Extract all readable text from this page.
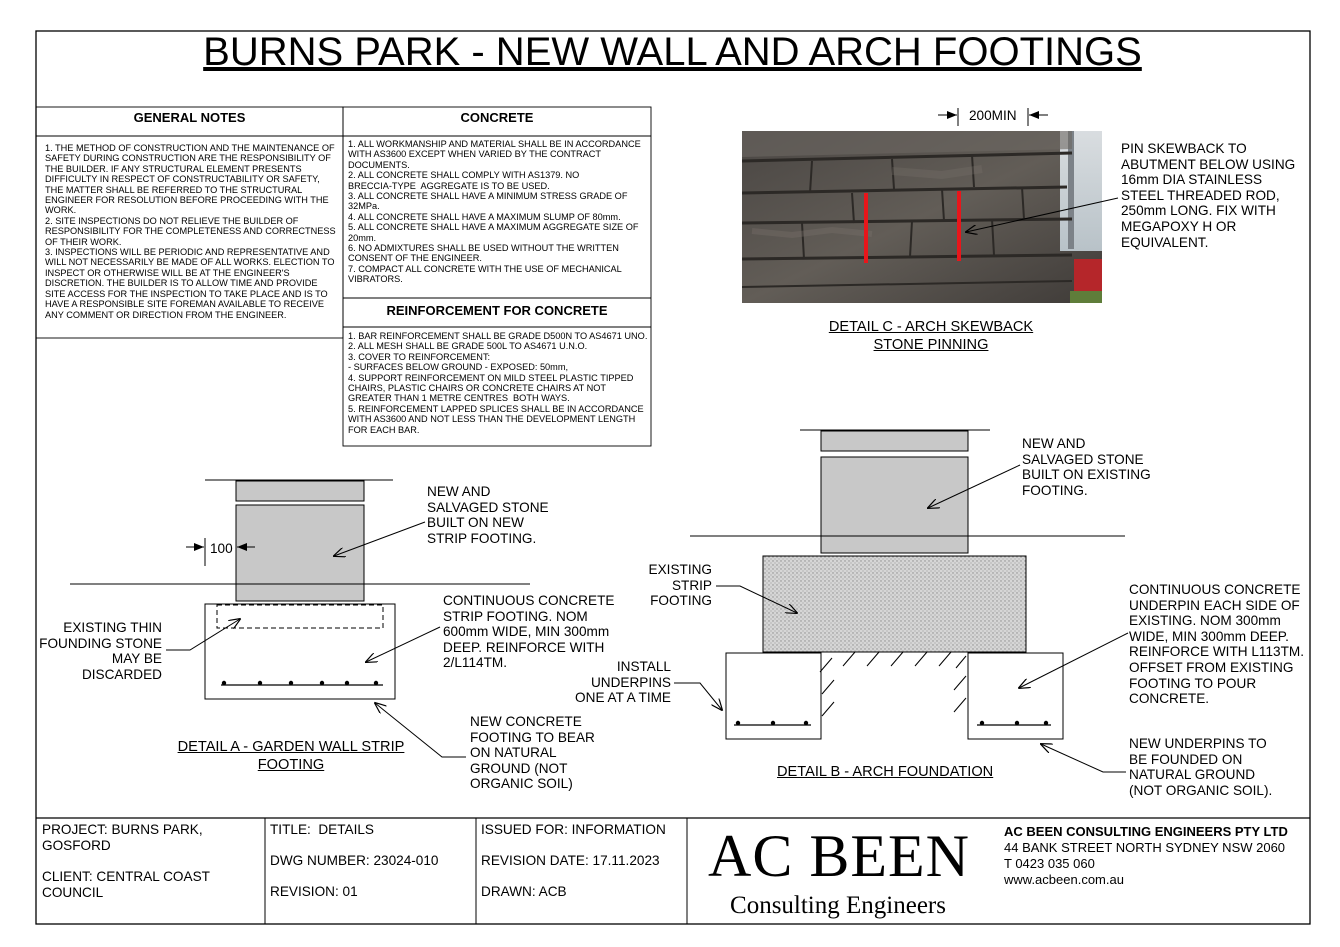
BURNS PARK - NEW WALL AND ARCH FOOTINGS
GENERAL NOTES
1. THE METHOD OF CONSTRUCTION AND THE MAINTENANCE OF
SAFETY DURING CONSTRUCTION ARE THE RESPONSIBILITY OF
THE BUILDER. IF ANY STRUCTURAL ELEMENT PRESENTS
DIFFICULTY IN RESPECT OF CONSTRUCTABILITY OR SAFETY,
THE MATTER SHALL BE REFERRED TO THE STRUCTURAL
ENGINEER FOR RESOLUTION BEFORE PROCEEDING WITH THE
WORK.
2. SITE INSPECTIONS DO NOT RELIEVE THE BUILDER OF
RESPONSIBILITY FOR THE COMPLETENESS AND CORRECTNESS
OF THEIR WORK.
3. INSPECTIONS WILL BE PERIODIC AND REPRESENTATIVE AND
WILL NOT NECESSARILY BE MADE OF ALL WORKS. ELECTION TO
INSPECT OR OTHERWISE WILL BE AT THE ENGINEER'S
DISCRETION. THE BUILDER IS TO ALLOW TIME AND PROVIDE
SITE ACCESS FOR THE INSPECTION TO TAKE PLACE AND IS TO
HAVE A RESPONSIBLE SITE FOREMAN AVAILABLE TO RECEIVE
ANY COMMENT OR DIRECTION FROM THE ENGINEER.
CONCRETE
1. ALL WORKMANSHIP AND MATERIAL SHALL BE IN ACCORDANCE
WITH AS3600 EXCEPT WHEN VARIED BY THE CONTRACT
DOCUMENTS.
2. ALL CONCRETE SHALL COMPLY WITH AS1379. NO
BRECCIA-TYPE  AGGREGATE IS TO BE USED.
3. ALL CONCRETE SHALL HAVE A MINIMUM STRESS GRADE OF
32MPa.
4. ALL CONCRETE SHALL HAVE A MAXIMUM SLUMP OF 80mm.
5. ALL CONCRETE SHALL HAVE A MAXIMUM AGGREGATE SIZE OF
20mm.
6. NO ADMIXTURES SHALL BE USED WITHOUT THE WRITTEN
CONSENT OF THE ENGINEER.
7. COMPACT ALL CONCRETE WITH THE USE OF MECHANICAL
VIBRATORS.
REINFORCEMENT FOR CONCRETE
1. BAR REINFORCEMENT SHALL BE GRADE D500N TO AS4671 UNO.
2. ALL MESH SHALL BE GRADE 500L TO AS4671 U.N.O.
3. COVER TO REINFORCEMENT:
- SURFACES BELOW GROUND - EXPOSED: 50mm,
4. SUPPORT REINFORCEMENT ON MILD STEEL PLASTIC TIPPED
CHAIRS, PLASTIC CHAIRS OR CONCRETE CHAIRS AT NOT
GREATER THAN 1 METRE CENTRES  BOTH WAYS.
5. REINFORCEMENT LAPPED SPLICES SHALL BE IN ACCORDANCE
WITH AS3600 AND NOT LESS THAN THE DEVELOPMENT LENGTH
FOR EACH BAR.
200MIN
PIN SKEWBACK TO
ABUTMENT BELOW USING
16mm DIA STAINLESS
STEEL THREADED ROD,
250mm LONG. FIX WITH
MEGAPOXY H OR
EQUIVALENT.
DETAIL C - ARCH SKEWBACK
STONE PINNING
100
NEW AND
SALVAGED STONE
BUILT ON NEW
STRIP FOOTING.
CONTINUOUS CONCRETE
STRIP FOOTING. NOM
600mm WIDE, MIN 300mm
DEEP. REINFORCE WITH
2/L114TM.
EXISTING THIN
FOUNDING STONE
MAY BE
DISCARDED
NEW CONCRETE
FOOTING TO BEAR
ON NATURAL
GROUND (NOT
ORGANIC SOIL)
DETAIL A - GARDEN WALL STRIP
FOOTING
NEW AND
SALVAGED STONE
BUILT ON EXISTING
FOOTING.
EXISTING
STRIP
FOOTING
INSTALL
UNDERPINS
ONE AT A TIME
CONTINUOUS CONCRETE
UNDERPIN EACH SIDE OF
EXISTING. NOM 300mm
WIDE, MIN 300mm DEEP.
REINFORCE WITH L113TM.
OFFSET FROM EXISTING
FOOTING TO POUR
CONCRETE.
NEW UNDERPINS TO
BE FOUNDED ON
NATURAL GROUND
(NOT ORGANIC SOIL).
DETAIL B - ARCH FOUNDATION
PROJECT: BURNS PARK,
GOSFORD
CLIENT: CENTRAL COAST
COUNCIL
TITLE:  DETAILS
DWG NUMBER: 23024-010
REVISION: 01
ISSUED FOR: INFORMATION
REVISION DATE: 17.11.2023
DRAWN: ACB
AC BEEN
Consulting Engineers
AC BEEN CONSULTING ENGINEERS PTY LTD
44 BANK STREET NORTH SYDNEY NSW 2060
T 0423 035 060
www.acbeen.com.au
